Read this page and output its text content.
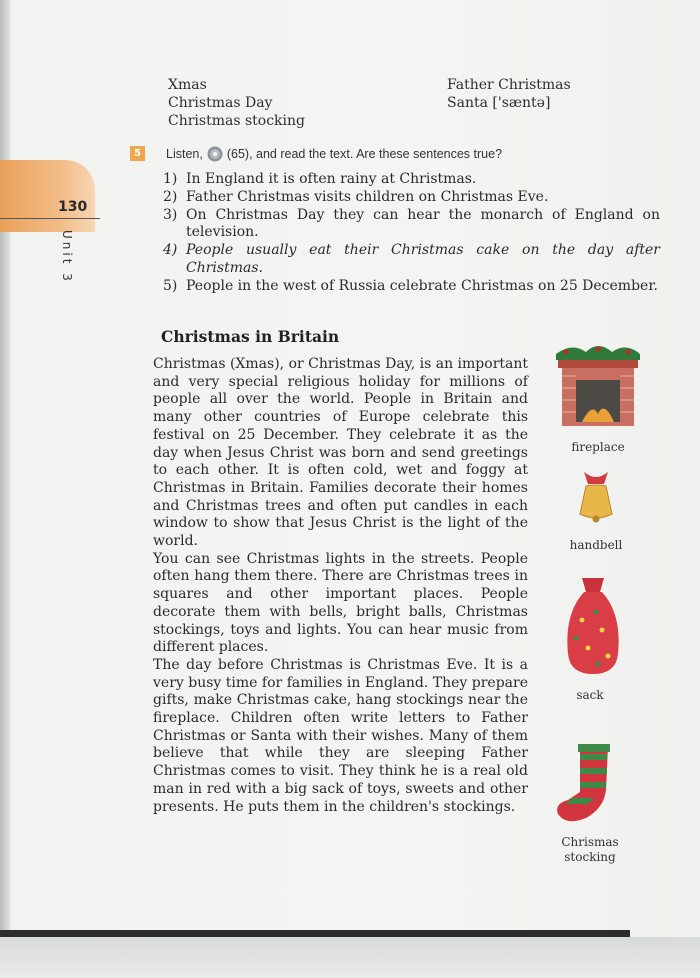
130
Unit 3
Xmas
Christmas Day
Christmas stocking
Father Christmas
Santa ['sæntə]
5	Listen, (65), and read the text. Are these sentences true?
1) In England it is often rainy at Christmas.
2) Father Christmas visits children on Christmas Eve.
3) On Christmas Day they can hear the monarch of England on television.
4) People usually eat their Christmas cake on the day after Christmas.
5) People in the west of Russia celebrate Christmas on 25 December.
Christmas in Britain

Christmas (Xmas), or Christmas Day, is an important and very special religious holiday for millions of people all over the world. People in Britain and many other countries of Europe celebrate this festival on 25 December. They celebrate it as the day when Jesus Christ was born and send greetings to each other. It is often cold, wet and foggy at Christmas in Britain. Families decorate their homes and Christmas trees and often put candles in each window to show that Jesus Christ is the light of the world.

You can see Christmas lights in the streets. People often hang them there. There are Christmas trees in squares and other important places. People decorate them with bells, bright balls, Christmas stockings, toys and lights. You can hear music from different places.

The day before Christmas is Christmas Eve. It is a very busy time for families in England. They prepare gifts, make Christmas cake, hang stockings near the fireplace. Children often write letters to Father Christmas or Santa with their wishes. Many of them believe that while they are sleeping Father Christmas comes to visit. They think he is a real old man in red with a big sack of toys, sweets and other presents. He puts them in the children's stockings.

fireplace
handbell
sack
Chrismas
stocking
